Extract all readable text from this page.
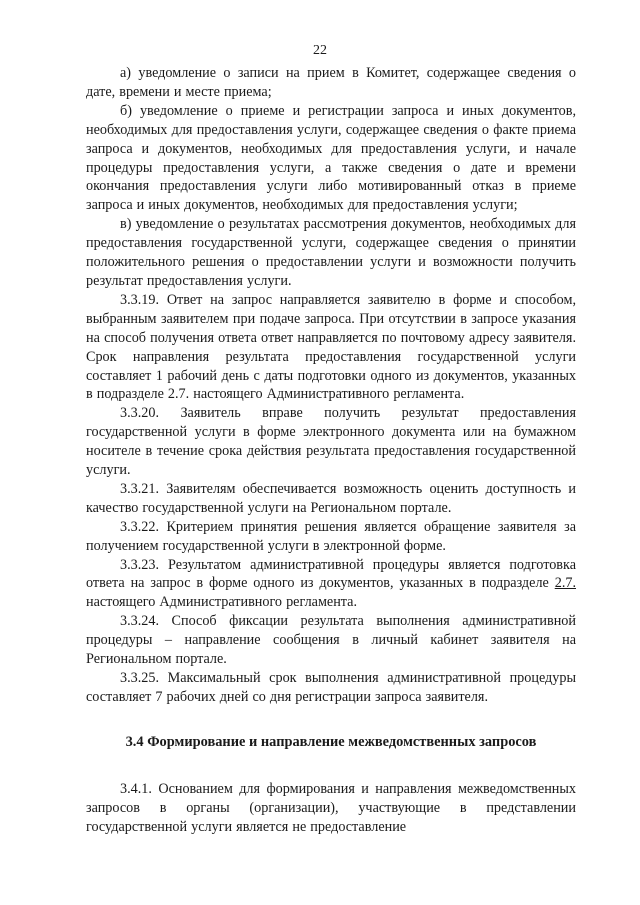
22

а) уведомление о записи на прием в Комитет, содержащее сведения о дате, времени и месте приема;

б) уведомление о приеме и регистрации запроса и иных документов, необходимых для предоставления услуги, содержащее сведения о факте приема запроса и документов, необходимых для предоставления услуги, и начале процедуры предоставления услуги, а также сведения о дате и времени окончания предоставления услуги либо мотивированный отказ в приеме запроса и иных документов, необходимых для предоставления услуги;

в) уведомление о результатах рассмотрения документов, необходимых для предоставления государственной услуги, содержащее сведения о принятии положительного решения о предоставлении услуги и возможности получить результат предоставления услуги.

3.3.19. Ответ на запрос направляется заявителю в форме и способом, выбранным заявителем при подаче запроса. При отсутствии в запросе указания на способ получения ответа ответ направляется по почтовому адресу заявителя. Срок направления результата предоставления государственной услуги составляет 1 рабочий день с даты подготовки одного из документов, указанных в подразделе 2.7. настоящего Административного регламента.

3.3.20. Заявитель вправе получить результат предоставления государственной услуги в форме электронного документа или на бумажном носителе в течение срока действия результата предоставления государственной услуги.

3.3.21. Заявителям обеспечивается возможность оценить доступность и качество государственной услуги на Региональном портале.

3.3.22. Критерием принятия решения является обращение заявителя за получением государственной услуги в электронной форме.

3.3.23. Результатом административной процедуры является подготовка ответа на запрос в форме одного из документов, указанных в подразделе 2.7. настоящего Административного регламента.

3.3.24. Способ фиксации результата выполнения административной процедуры – направление сообщения в личный кабинет заявителя на Региональном портале.

3.3.25. Максимальный срок выполнения административной процедуры составляет 7 рабочих дней со дня регистрации запроса заявителя.

3.4 Формирование и направление межведомственных запросов

3.4.1. Основанием для формирования и направления межведомственных запросов в органы (организации), участвующие в представлении государственной услуги является не предоставление
